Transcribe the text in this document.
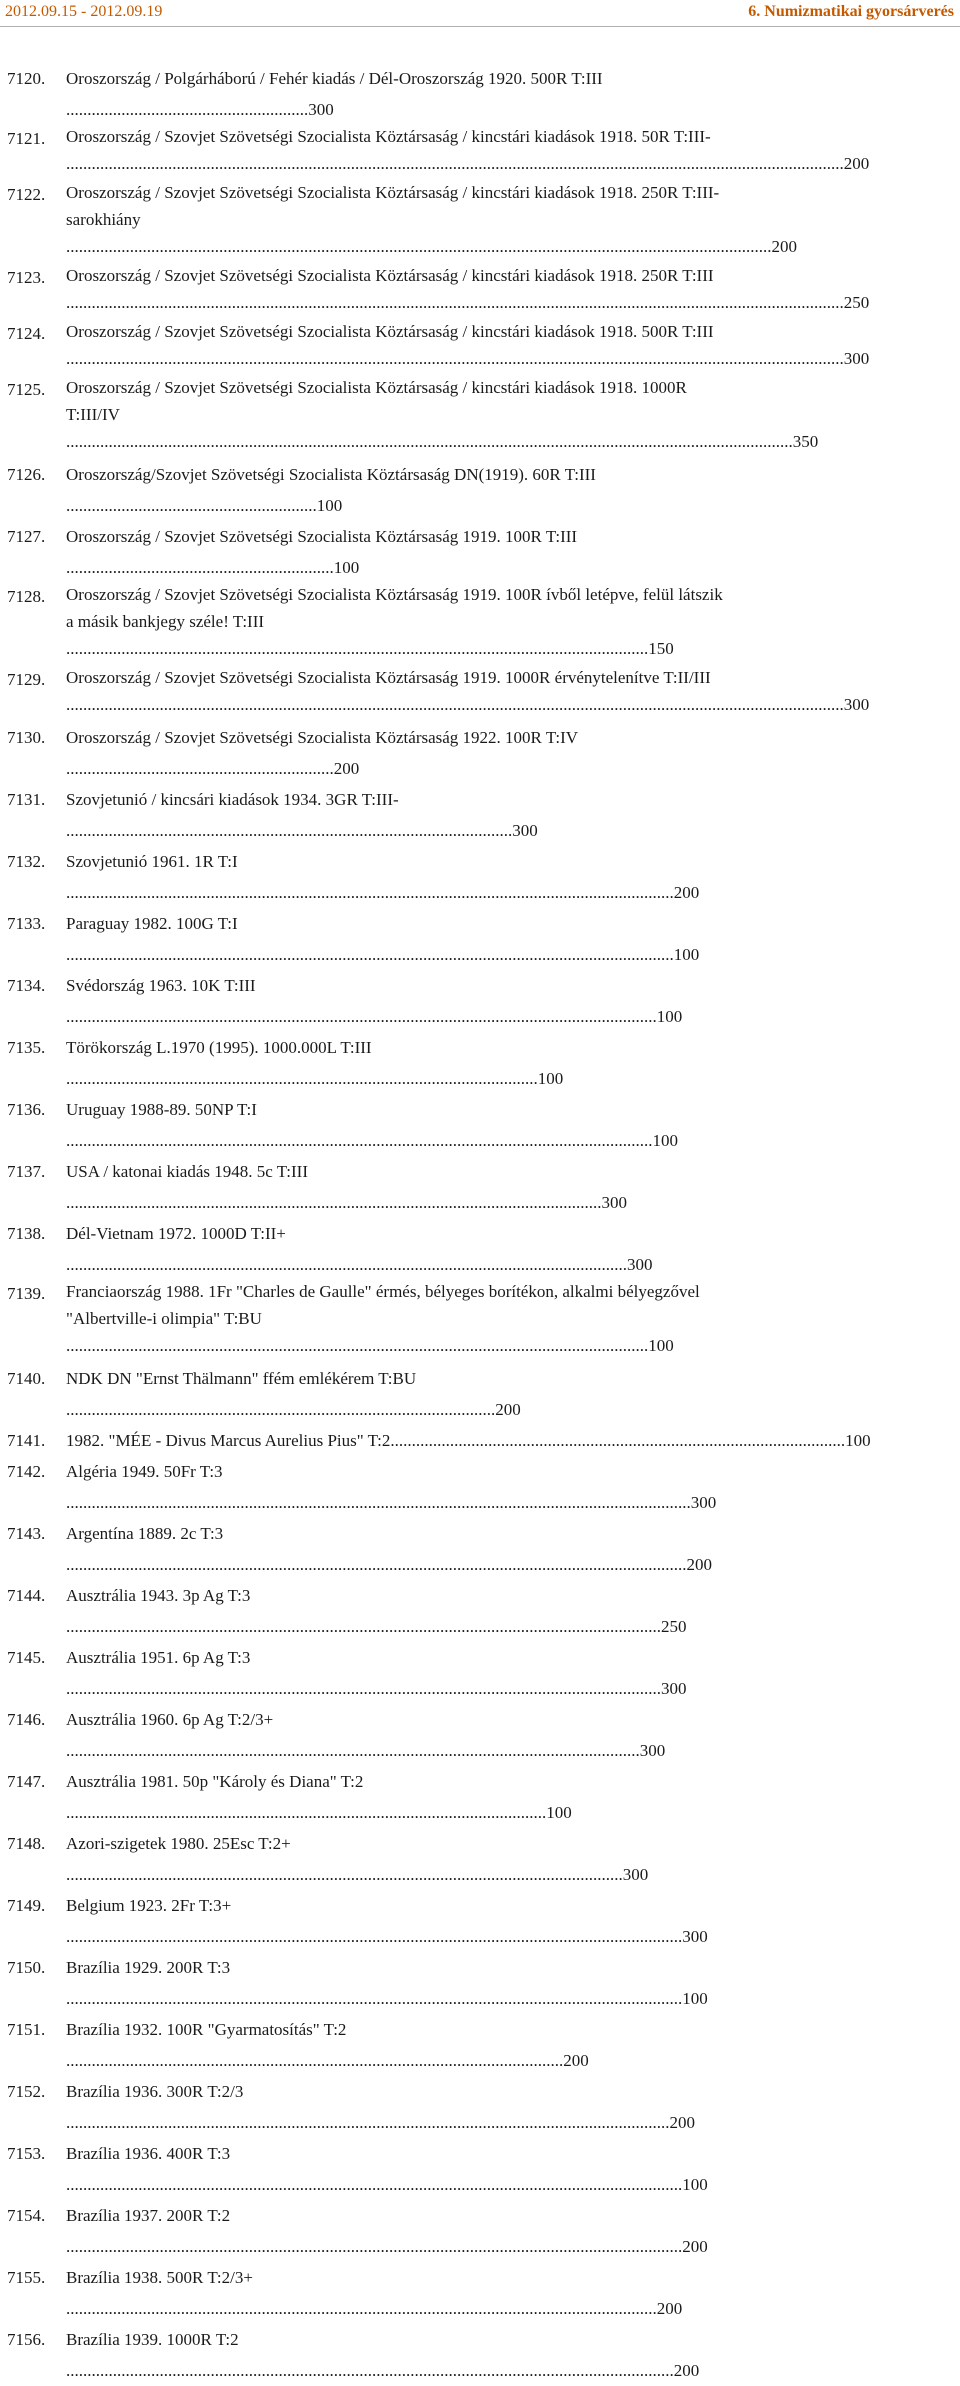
2012.09.15 - 2012.09.19	6. Numizmatikai gyorsárverés
7120.	Oroszország / Polgárháború / Fehér kiadás / Dél-Oroszország 1920. 500R T:III .........................................................300
7121.	Oroszország / Szovjet Szövetségi Szocialista Köztársaság / kincstári kiadások 1918. 50R T:III-
.......................................................................................................................................................................................200
7122.	Oroszország / Szovjet Szövetségi Szocialista Köztársaság / kincstári kiadások 1918. 250R T:III-
sarokhiány ......................................................................................................................................................................200
7123.	Oroszország / Szovjet Szövetségi Szocialista Köztársaság / kincstári kiadások 1918. 250R T:III
.......................................................................................................................................................................................250
7124.	Oroszország / Szovjet Szövetségi Szocialista Köztársaság / kincstári kiadások 1918. 500R T:III
.......................................................................................................................................................................................300
7125.	Oroszország / Szovjet Szövetségi Szocialista Köztársaság / kincstári kiadások 1918. 1000R
T:III/IV ...........................................................................................................................................................................350
7126.	Oroszország/Szovjet Szövetségi Szocialista Köztársaság DN(1919). 60R T:III ...........................................................100
7127.	Oroszország / Szovjet Szövetségi Szocialista Köztársaság 1919. 100R T:III ...............................................................100
7128.	Oroszország / Szovjet Szövetségi Szocialista Köztársaság 1919. 100R ívből letépve, felül látszik
a másik bankjegy széle! T:III .........................................................................................................................................150
7129.	Oroszország / Szovjet Szövetségi Szocialista Köztársaság 1919. 1000R érvénytelenítve T:II/III
.......................................................................................................................................................................................300
7130.	Oroszország / Szovjet Szövetségi Szocialista Köztársaság 1922. 100R T:IV ...............................................................200
7131.	Szovjetunió / kincsári kiadások 1934. 3GR T:III- .........................................................................................................300
7132.	Szovjetunió 1961. 1R T:I ...............................................................................................................................................200
7133.	Paraguay 1982. 100G T:I ...............................................................................................................................................100
7134.	Svédország 1963. 10K T:III ...........................................................................................................................................100
7135.	Törökország L.1970 (1995). 1000.000L T:III ...............................................................................................................100
7136.	Uruguay 1988-89. 50NP T:I ..........................................................................................................................................100
7137.	USA / katonai kiadás 1948. 5c T:III ..............................................................................................................................300
7138.	Dél-Vietnam 1972. 1000D T:II+ ....................................................................................................................................300
7139.	Franciaország 1988. 1Fr "Charles de Gaulle" érmés, bélyeges borítékon, alkalmi bélyegzővel
"Albertville-i olimpia" T:BU .........................................................................................................................................100
7140.	NDK DN "Ernst Thälmann" ffém emlékérem T:BU .....................................................................................................200
7141.	1982. "MÉE - Divus Marcus Aurelius Pius" T:2...........................................................................................................100
7142.	Algéria 1949. 50Fr T:3 ...................................................................................................................................................300
7143.	Argentína 1889. 2c T:3 ..................................................................................................................................................200
7144.	Ausztrália 1943. 3p Ag T:3 ............................................................................................................................................250
7145.	Ausztrália 1951. 6p Ag T:3 ............................................................................................................................................300
7146.	Ausztrália 1960. 6p Ag T:2/3+ .......................................................................................................................................300
7147.	Ausztrália 1981. 50p "Károly és Diana" T:2 .................................................................................................................100
7148.	Azori-szigetek 1980. 25Esc T:2+ ...................................................................................................................................300
7149.	Belgium 1923. 2Fr T:3+ .................................................................................................................................................300
7150.	Brazília 1929. 200R T:3 .................................................................................................................................................100
7151.	Brazília 1932. 100R "Gyarmatosítás" T:2 .....................................................................................................................200
7152.	Brazília 1936. 300R T:2/3 ..............................................................................................................................................200
7153.	Brazília 1936. 400R T:3 .................................................................................................................................................100
7154.	Brazília 1937. 200R T:2 .................................................................................................................................................200
7155.	Brazília 1938. 500R T:2/3+ ...........................................................................................................................................200
7156.	Brazília 1939. 1000R T:2 ...............................................................................................................................................200
